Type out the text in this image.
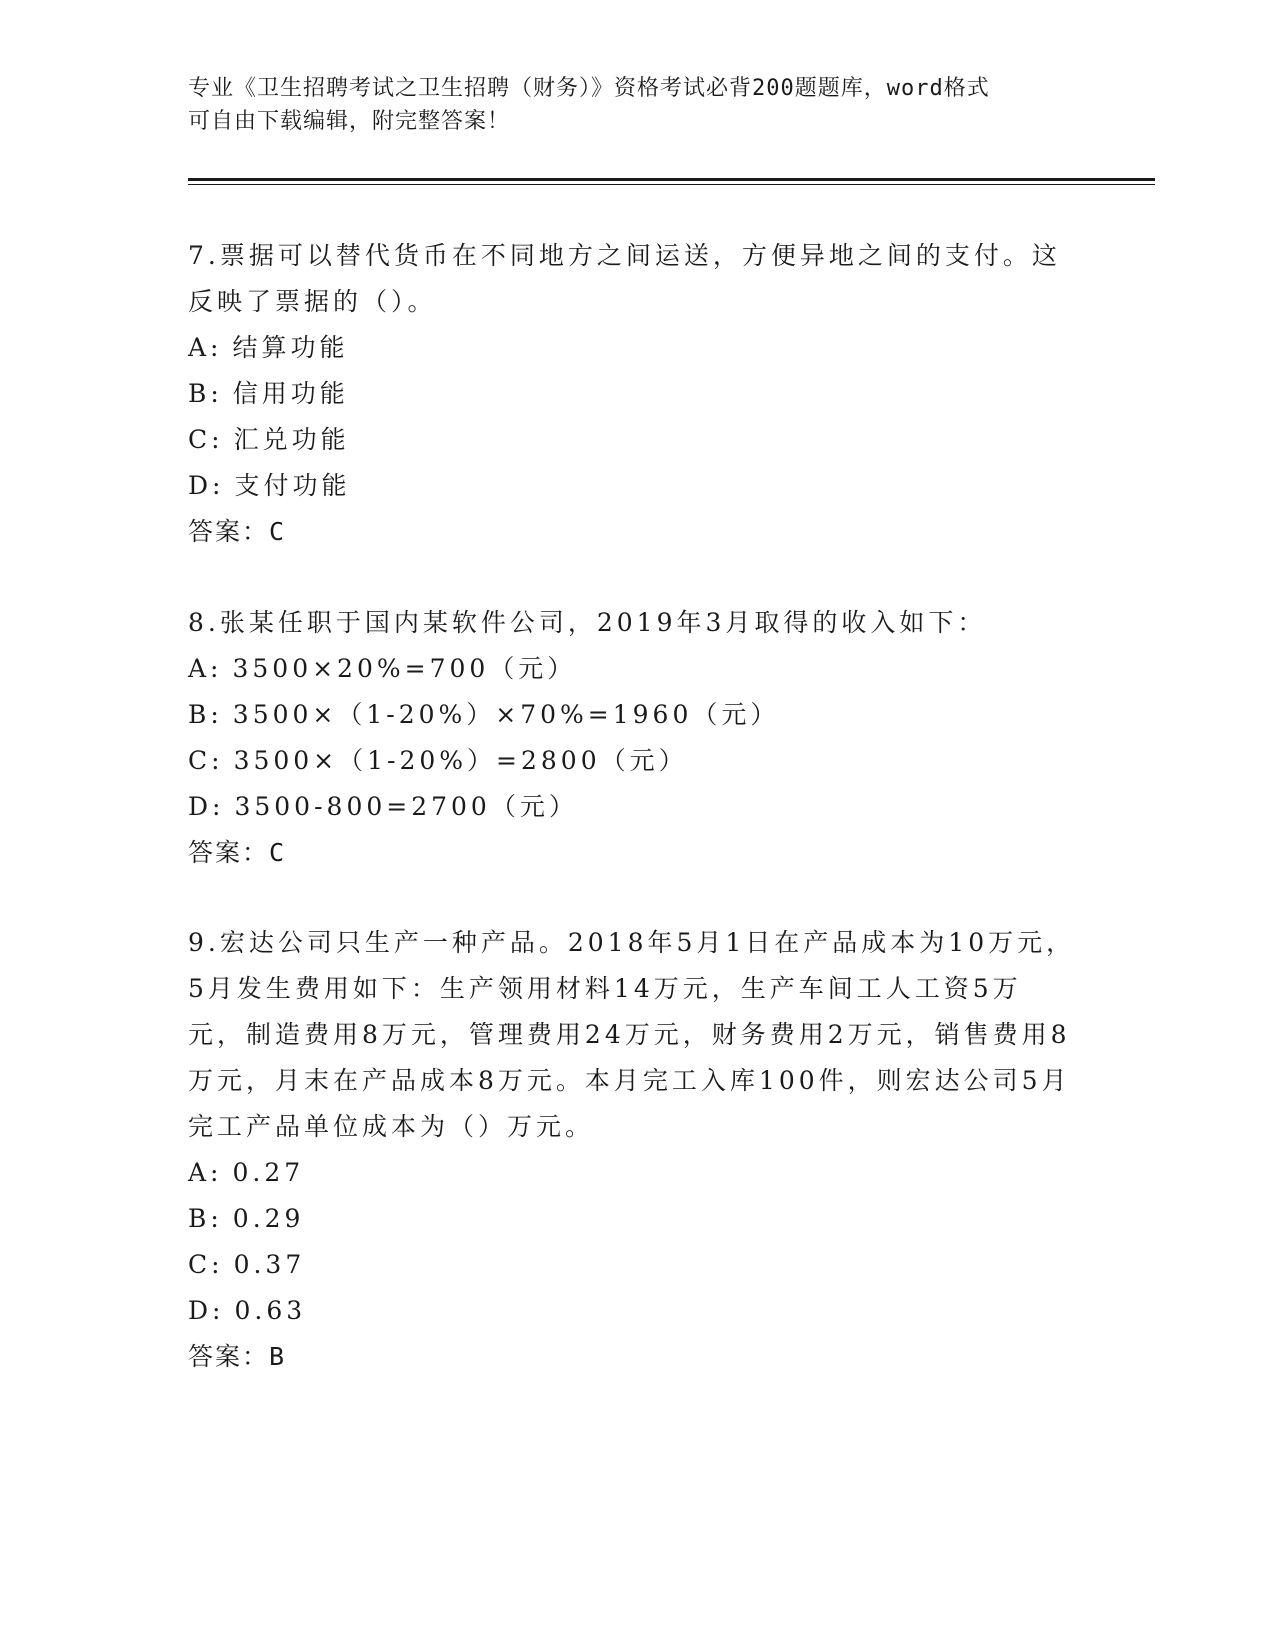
专业《卫生招聘考试之卫生招聘（财务）》资格考试必背200题题库，word格式
可自由下载编辑，附完整答案！

7.票据可以替代货币在不同地方之间运送，方便异地之间的支付。这反映了票据的（）。

A: 结算功能

B: 信用功能

C: 汇兑功能

D: 支付功能

答案：C

8.张某任职于国内某软件公司，2019年3月取得的收入如下：

A: 3500×20%=700（元）

B: 3500×（1-20%）×70%=1960（元）

C: 3500×（1-20%）=2800（元）

D: 3500-800=2700（元）

答案：C

9.宏达公司只生产一种产品。2018年5月1日在产品成本为10万元，5月发生费用如下：生产领用材料14万元，生产车间工人工资5万元，制造费用8万元，管理费用24万元，财务费用2万元，销售费用8万元，月末在产品成本8万元。本月完工入库100件，则宏达公司5月完工产品单位成本为（）万元。

A: 0.27

B: 0.29

C: 0.37

D: 0.63

答案：B
